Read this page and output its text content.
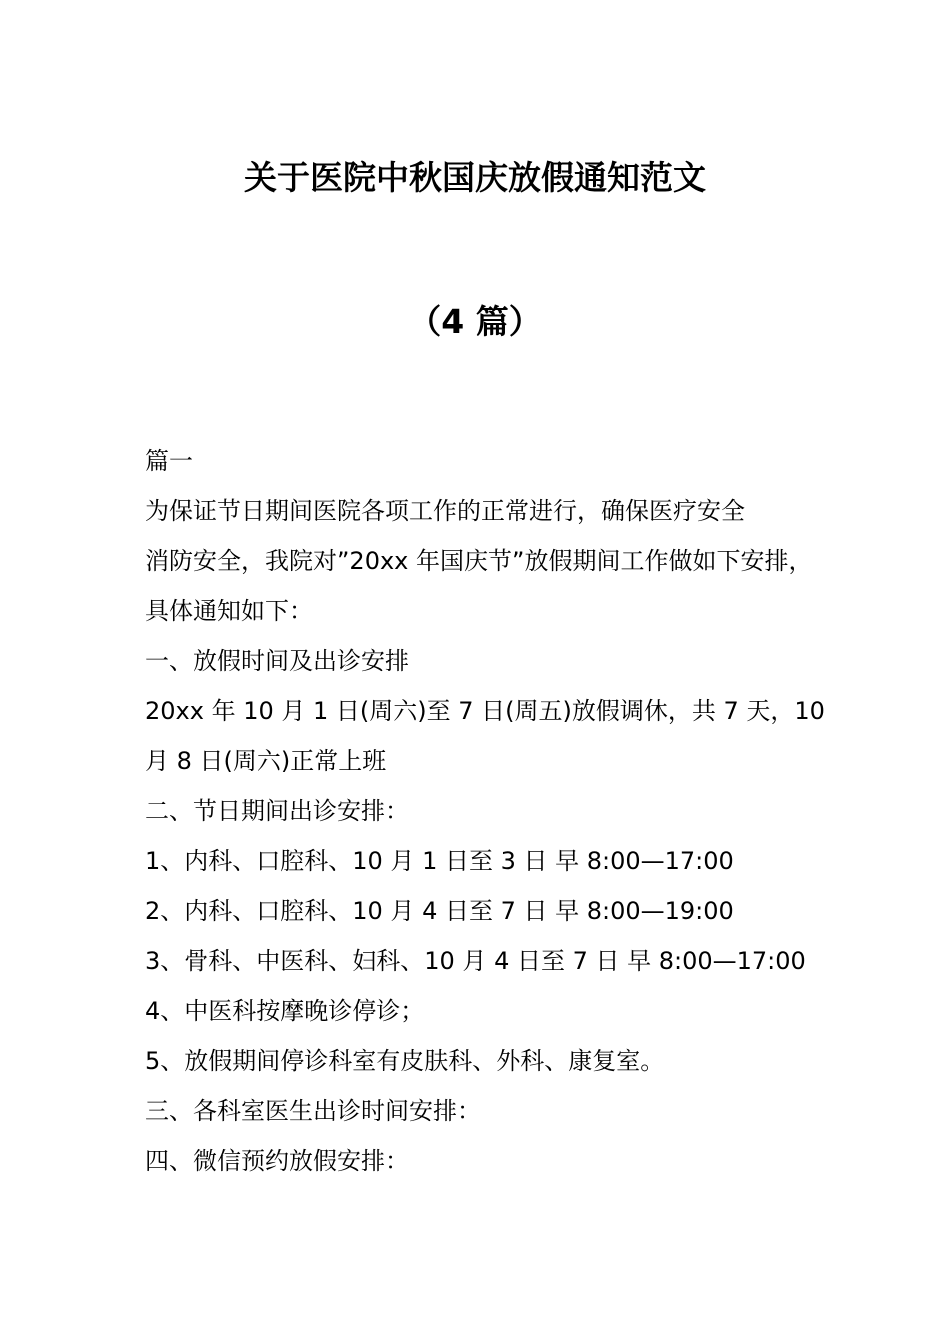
关于医院中秋国庆放假通知范文
（4 篇）
篇一
为保证节日期间医院各项工作的正常进行，确保医疗安全
消防安全，我院对”20xx 年国庆节”放假期间工作做如下安排，
具体通知如下：
一、放假时间及出诊安排
20xx 年 10 月 1 日(周六)至 7 日(周五)放假调休，共 7 天，10
月 8 日(周六)正常上班
二、节日期间出诊安排：
1、内科、口腔科、10 月 1 日至 3 日 早 8:00—17:00
2、内科、口腔科、10 月 4 日至 7 日 早 8:00—19:00
3、骨科、中医科、妇科、10 月 4 日至 7 日 早 8:00—17:00
4、中医科按摩晚诊停诊；
5、放假期间停诊科室有皮肤科、外科、康复室。
三、各科室医生出诊时间安排：
四、微信预约放假安排：
